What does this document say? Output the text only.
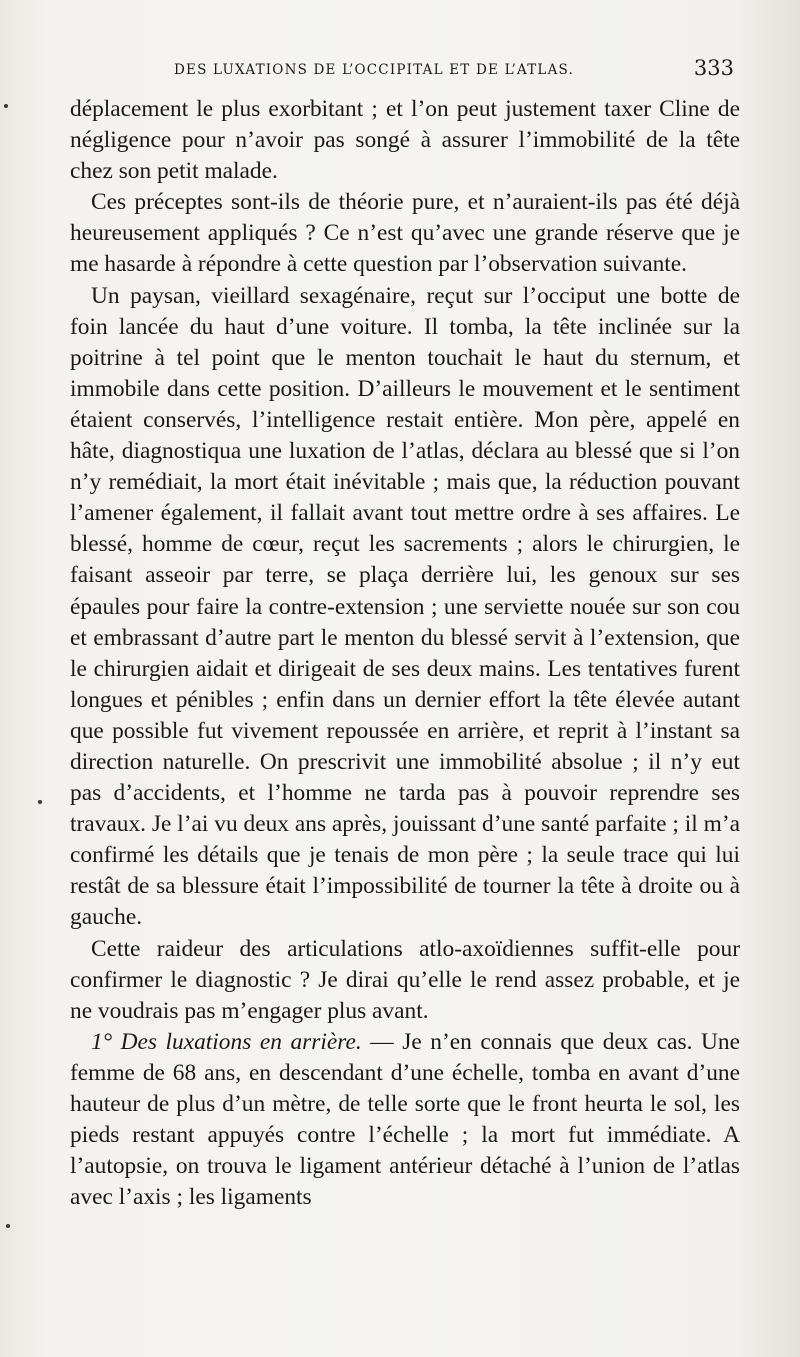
DES LUXATIONS DE L’OCCIPITAL ET DE L’ATLAS.	333

déplacement le plus exorbitant ; et l’on peut justement taxer Cline de négligence pour n’avoir pas songé à assurer l’immobilité de la tête chez son petit malade.

Ces préceptes sont-ils de théorie pure, et n’auraient-ils pas été déjà heureusement appliqués ? Ce n’est qu’avec une grande réserve que je me hasarde à répondre à cette question par l’observation suivante.

Un paysan, vieillard sexagénaire, reçut sur l’occiput une botte de foin lancée du haut d’une voiture. Il tomba, la tête inclinée sur la poitrine à tel point que le menton touchait le haut du sternum, et immobile dans cette position. D’ailleurs le mouvement et le sentiment étaient conservés, l’intelligence restait entière. Mon père, appelé en hâte, diagnostiqua une luxation de l’atlas, déclara au blessé que si l’on n’y remédiait, la mort était inévitable ; mais que, la réduction pouvant l’amener également, il fallait avant tout mettre ordre à ses affaires. Le blessé, homme de cœur, reçut les sacrements ; alors le chirurgien, le faisant asseoir par terre, se plaça derrière lui, les genoux sur ses épaules pour faire la contre-extension ; une serviette nouée sur son cou et embrassant d’autre part le menton du blessé servit à l’extension, que le chirurgien aidait et dirigeait de ses deux mains. Les tentatives furent longues et pénibles ; enfin dans un dernier effort la tête élevée autant que possible fut vivement repoussée en arrière, et reprit à l’instant sa direction naturelle. On prescrivit une immobilité absolue ; il n’y eut pas d’accidents, et l’homme ne tarda pas à pouvoir reprendre ses travaux. Je l’ai vu deux ans après, jouissant d’une santé parfaite ; il m’a confirmé les détails que je tenais de mon père ; la seule trace qui lui restât de sa blessure était l’impossibilité de tourner la tête à droite ou à gauche.

Cette raideur des articulations atlo-axoïdiennes suffit-elle pour confirmer le diagnostic ? Je dirai qu’elle le rend assez probable, et je ne voudrais pas m’engager plus avant.

1° Des luxations en arrière. — Je n’en connais que deux cas. Une femme de 68 ans, en descendant d’une échelle, tomba en avant d’une hauteur de plus d’un mètre, de telle sorte que le front heurta le sol, les pieds restant appuyés contre l’échelle ; la mort fut immédiate. A l’autopsie, on trouva le ligament antérieur détaché à l’union de l’atlas avec l’axis ; les ligaments
